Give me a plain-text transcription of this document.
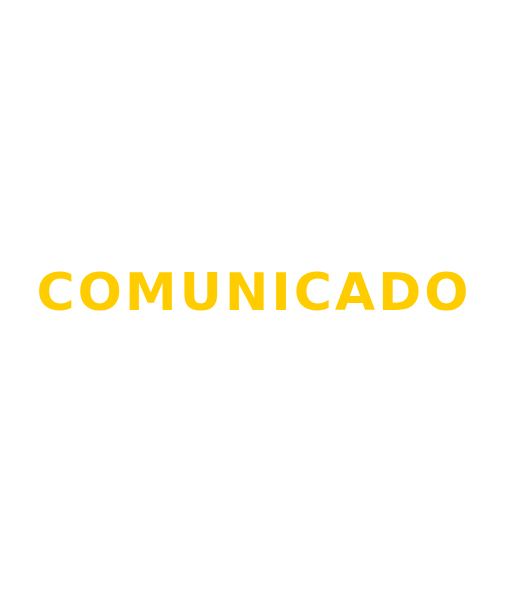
COMUNICADO
